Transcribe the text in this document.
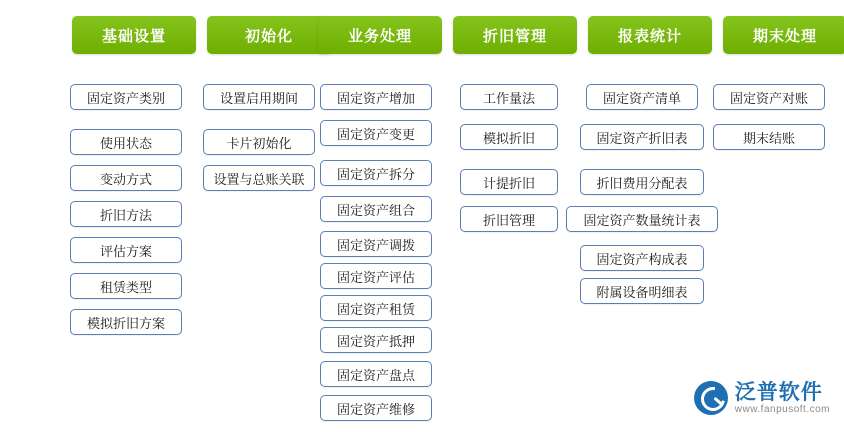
基础设置
固定资产类别
使用状态
变动方式
折旧方法
评估方案
租赁类型
模拟折旧方案
初始化
设置启用期间
卡片初始化
设置与总账关联
业务处理
固定资产增加
固定资产变更
固定资产拆分
固定资产组合
固定资产调拨
固定资产评估
固定资产租赁
固定资产抵押
固定资产盘点
固定资产维修
折旧管理
工作量法
模拟折旧
计提折旧
折旧管理
报表统计
固定资产清单
固定资产折旧表
折旧费用分配表
固定资产数量统计表
固定资产构成表
附属设备明细表
期末处理
固定资产对账
期末结账
泛普软件
www.fanpusoft.com
